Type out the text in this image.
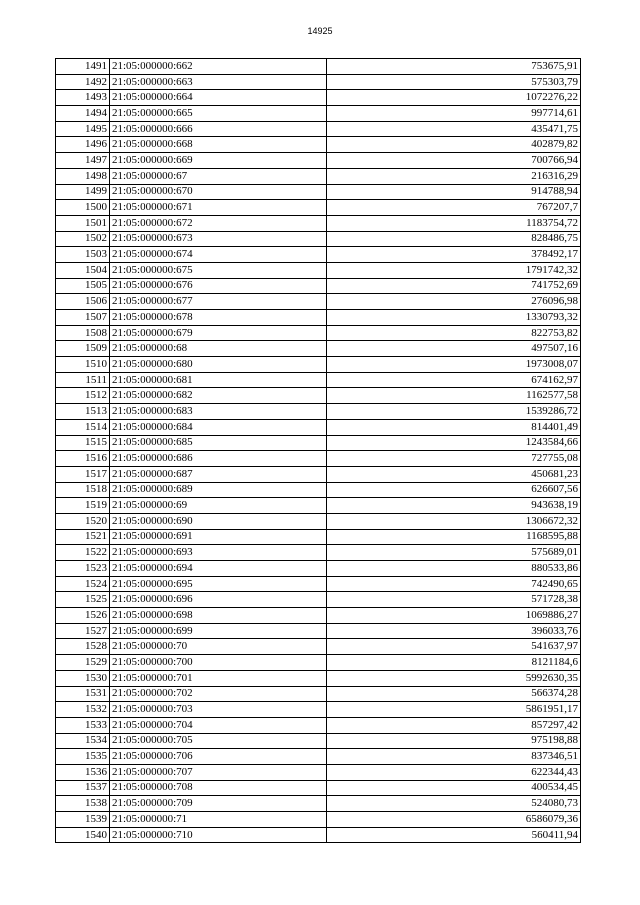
14925
1491	21:05:000000:662	753675,91
1492	21:05:000000:663	575303,79
1493	21:05:000000:664	1072276,22
1494	21:05:000000:665	997714,61
1495	21:05:000000:666	435471,75
1496	21:05:000000:668	402879,82
1497	21:05:000000:669	700766,94
1498	21:05:000000:67	216316,29
1499	21:05:000000:670	914788,94
1500	21:05:000000:671	767207,7
1501	21:05:000000:672	1183754,72
1502	21:05:000000:673	828486,75
1503	21:05:000000:674	378492,17
1504	21:05:000000:675	1791742,32
1505	21:05:000000:676	741752,69
1506	21:05:000000:677	276096,98
1507	21:05:000000:678	1330793,32
1508	21:05:000000:679	822753,82
1509	21:05:000000:68	497507,16
1510	21:05:000000:680	1973008,07
1511	21:05:000000:681	674162,97
1512	21:05:000000:682	1162577,58
1513	21:05:000000:683	1539286,72
1514	21:05:000000:684	814401,49
1515	21:05:000000:685	1243584,66
1516	21:05:000000:686	727755,08
1517	21:05:000000:687	450681,23
1518	21:05:000000:689	626607,56
1519	21:05:000000:69	943638,19
1520	21:05:000000:690	1306672,32
1521	21:05:000000:691	1168595,88
1522	21:05:000000:693	575689,01
1523	21:05:000000:694	880533,86
1524	21:05:000000:695	742490,65
1525	21:05:000000:696	571728,38
1526	21:05:000000:698	1069886,27
1527	21:05:000000:699	396033,76
1528	21:05:000000:70	541637,97
1529	21:05:000000:700	8121184,6
1530	21:05:000000:701	5992630,35
1531	21:05:000000:702	566374,28
1532	21:05:000000:703	5861951,17
1533	21:05:000000:704	857297,42
1534	21:05:000000:705	975198,88
1535	21:05:000000:706	837346,51
1536	21:05:000000:707	622344,43
1537	21:05:000000:708	400534,45
1538	21:05:000000:709	524080,73
1539	21:05:000000:71	6586079,36
1540	21:05:000000:710	560411,94
